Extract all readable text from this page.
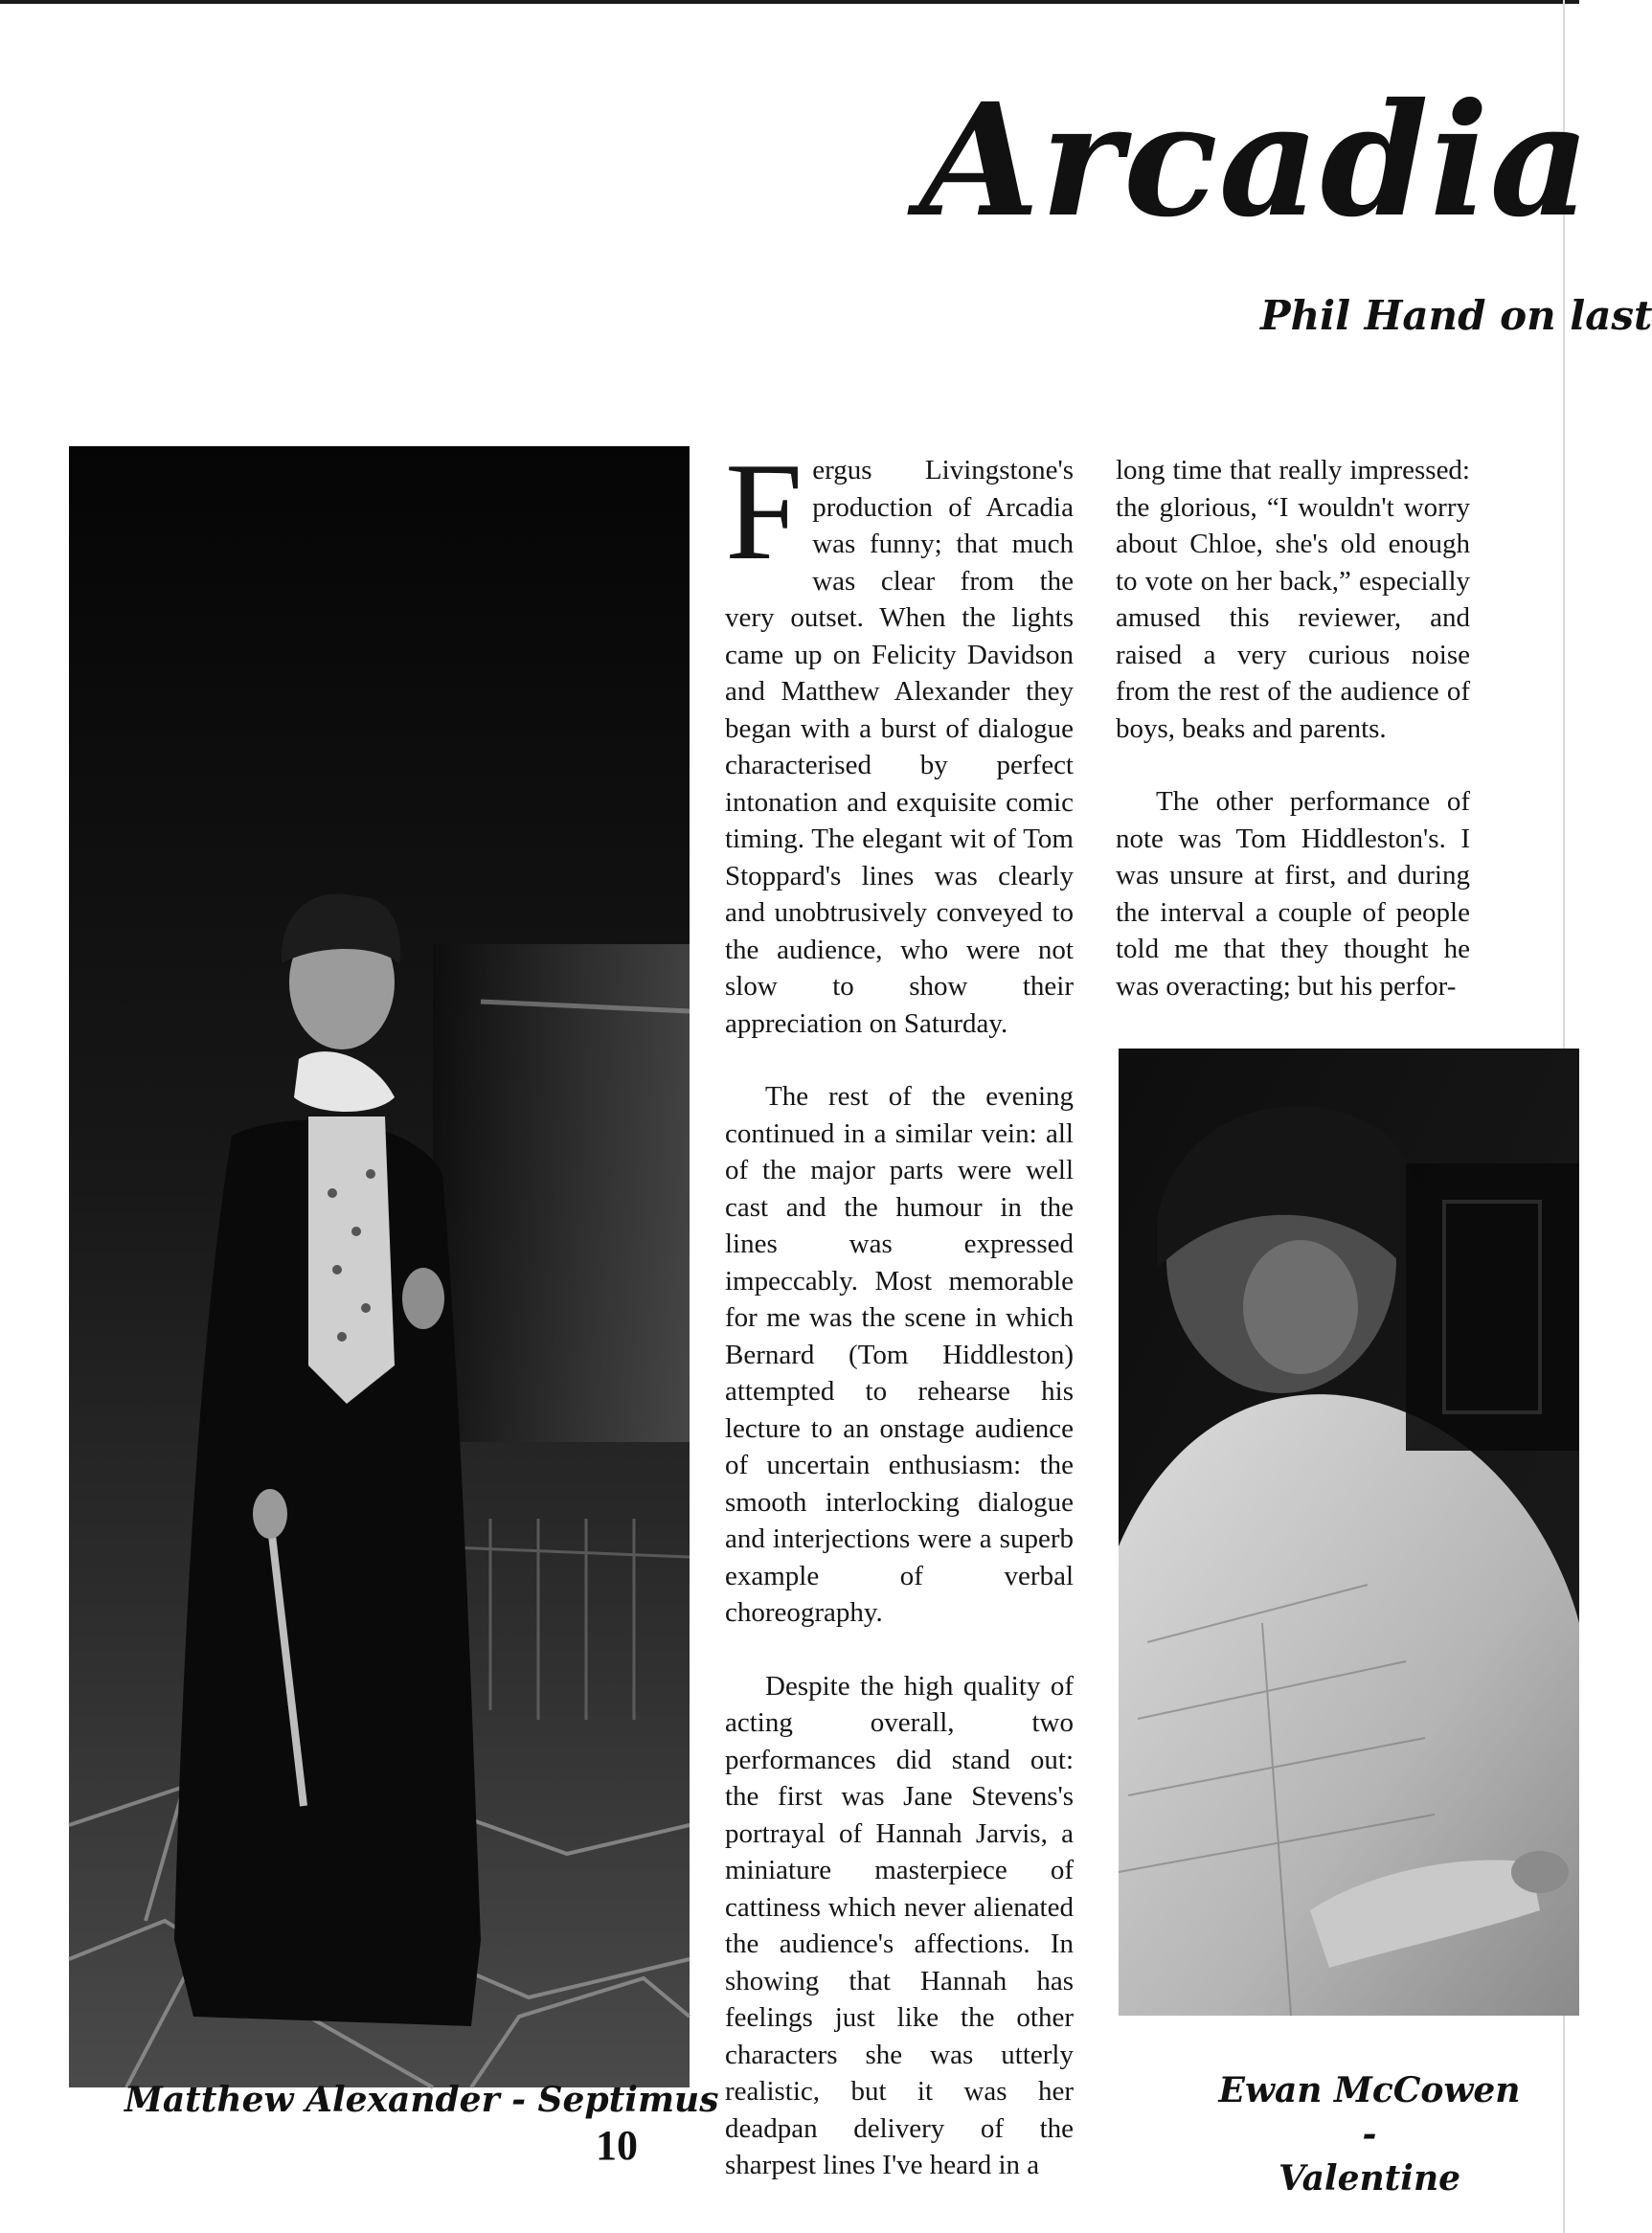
Arcadia
Phil Hand on last
Matthew Alexander - Septimus	Ewan McCowen -
Valentine

Fergus Livingstone's production of Arcadia was funny; that much was clear from the very outset. When the lights came up on Felicity Davidson and Matthew Alexander they began with a burst of dialogue characterised by perfect intonation and exquisite comic timing. The elegant wit of Tom Stoppard's lines was clearly and unobtrusively conveyed to the audience, who were not slow to show their appreciation on Saturday.

The rest of the evening continued in a similar vein: all of the major parts were well cast and the humour in the lines was expressed impeccably. Most memorable for me was the scene in which Bernard (Tom Hiddleston) attempted to rehearse his lecture to an onstage audience of uncertain enthusiasm: the smooth interlocking dialogue and interjections were a superb example of verbal choreography.

Despite the high quality of acting overall, two performances did stand out: the first was Jane Stevens's portrayal of Hannah Jarvis, a miniature masterpiece of cattiness which never alienated the audience's affections. In showing that Hannah has feelings just like the other characters she was utterly realistic, but it was her deadpan delivery of the sharpest lines I've heard in a

long time that really impressed: the glorious, “I wouldn't worry about Chloe, she's old enough to vote on her back,” especially amused this reviewer, and raised a very curious noise from the rest of the audience of boys, beaks and parents.

The other performance of note was Tom Hiddleston's. I was unsure at first, and during the interval a couple of people told me that they thought he was overacting; but his perfor-

10
